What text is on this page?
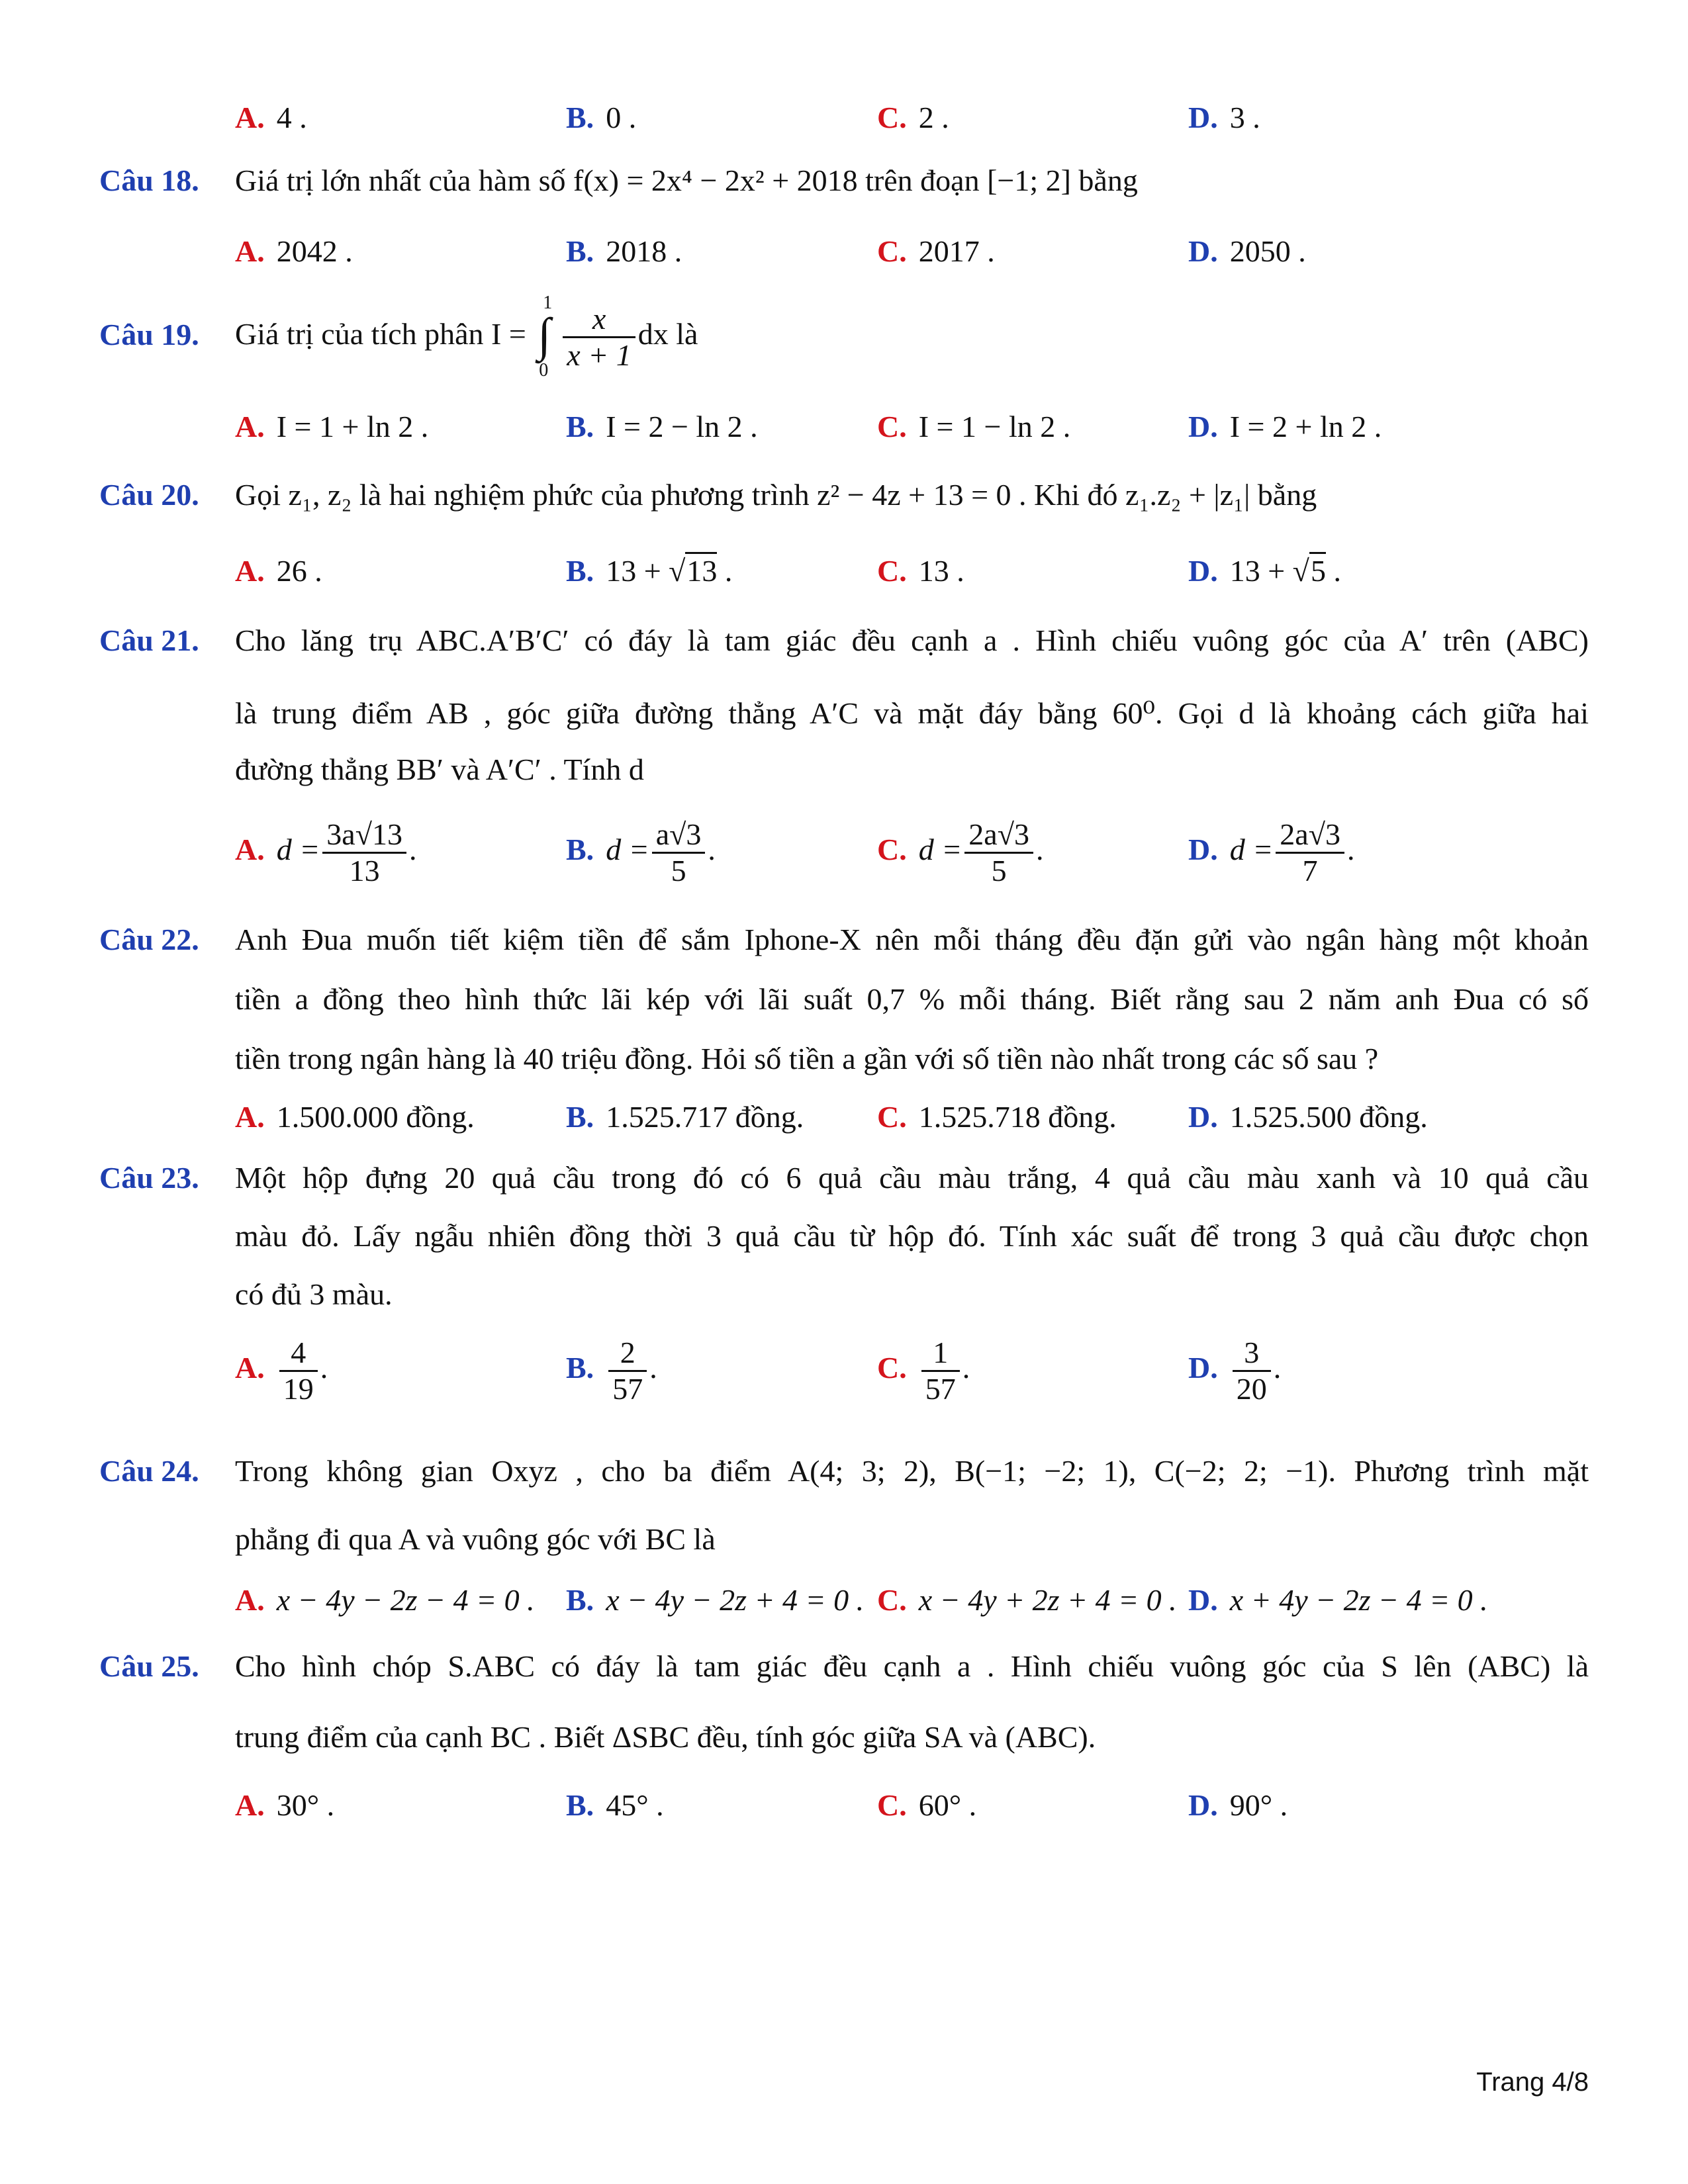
A. 4 .	B. 0 .	C. 2 .	D. 3 .
Câu 18. Giá trị lớn nhất của hàm số f(x) = 2x⁴ − 2x² + 2018 trên đoạn [−1; 2] bằng
A. 2042 .	B. 2018 .	C. 2017 .	D. 2050 .
Câu 19. Giá trị của tích phân I =
1
∫
$0 \frac{x}{x + 1}$ dx là
A. I = 1 + ln 2 .	B. I = 2 − ln 2 .	C. I = 1 − ln 2 .	D. I = 2 + ln 2 .
Câu 20. Gọi z₁, z₂ là hai nghiệm phức của phương trình z² − 4z + 13 = 0 . Khi đó z₁.z₂ + |z₁| bằng
A. 26 .	B. 13 + √13 .	C. 13 .	D. 13 + √5 .
Câu 21. Cho lăng trụ ABC.A′B′C′ có đáy là tam giác đều cạnh a . Hình chiếu vuông góc của A′ trên (ABC)
là trung điểm AB , góc giữa đường thẳng A′C và mặt đáy bằng 60⁰. Gọi d là khoảng cách giữa hai
đường thẳng BB′ và A′C′ . Tính d
A. $d = \frac{3a√13}{13}$ .	B. $d = \frac{a√3}{5}$ .	C. $d = \frac{2a√3}{5}$ .	D. $d = \frac{2a√3}{7}$ .
Câu 22. Anh Đua muốn tiết kiệm tiền để sắm Iphone-X nên mỗi tháng đều đặn gửi vào ngân hàng một khoản
tiền a đồng theo hình thức lãi kép với lãi suất 0,7 % mỗi tháng. Biết rằng sau 2 năm anh Đua có số
tiền trong ngân hàng là 40 triệu đồng. Hỏi số tiền a gần với số tiền nào nhất trong các số sau ?
A. 1.500.000 đồng.	B. 1.525.717 đồng. C. 1.525.718 đồng. D. 1.525.500 đồng.
Câu 23. Một hộp đựng 20 quả cầu trong đó có 6 quả cầu màu trắng, 4 quả cầu màu xanh và 10 quả cầu
màu đỏ. Lấy ngẫu nhiên đồng thời 3 quả cầu từ hộp đó. Tính xác suất để trong 3 quả cầu được chọn
có đủ 3 màu.
A. $\frac{4}{19}$ .	B. $\frac{2}{57}$ .	C. $\frac{1}{57}$ .	D. $\frac{3}{20}$ .
Câu 24. Trong không gian Oxyz , cho ba điểm A(4; 3; 2), B(−1; −2; 1), C(−2; 2; −1). Phương trình mặt
phẳng đi qua A và vuông góc với BC là
A. x − 4y − 2z − 4 = 0 . B. x − 4y − 2z + 4 = 0 . C. x − 4y + 2z + 4 = 0 . D. x + 4y − 2z − 4 = 0 .
Câu 25. Cho hình chóp S.ABC có đáy là tam giác đều cạnh a . Hình chiếu vuông góc của S lên (ABC) là
trung điểm của cạnh BC . Biết ΔSBC đều, tính góc giữa SA và (ABC).
A. 30° .	B. 45° .	C. 60° .	D. 90° .
Trang 4/8
